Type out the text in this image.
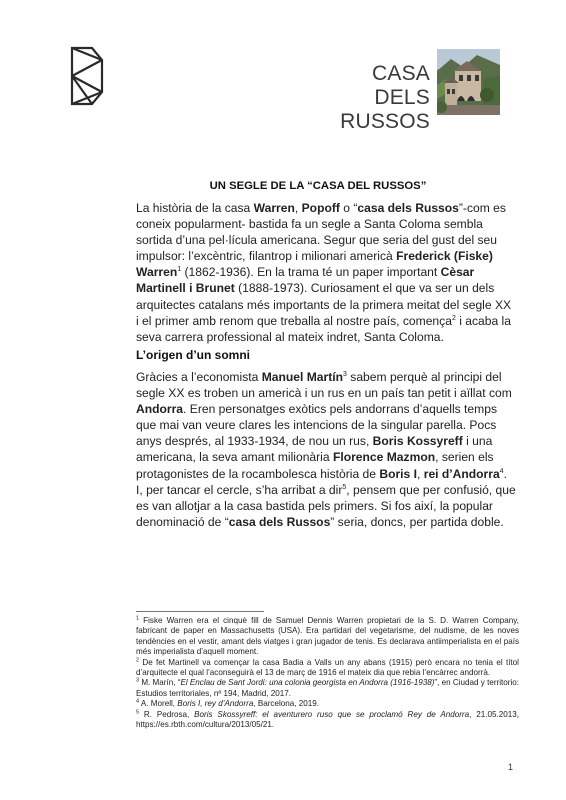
CASA DELS
RUSSOS
UN SEGLE DE LA “CASA DEL RUSSOS”

La història de la casa Warren, Popoff o “casa dels Russos”-com es coneix popularment- bastida fa un segle a Santa Coloma sembla sortida d’una pel·lícula americana. Segur que seria del gust del seu impulsor: l’excèntric, filantrop i milionari americà Frederick (Fiske) Warren$^1$ (1862-1936). En la trama té un paper important Cèsar Martinell i Brunet (1888-1973). Curiosament el que va ser un dels arquitectes catalans més importants de la primera meitat del segle XX i el primer amb renom que treballa al nostre país, comença$^2$ i acaba la seva carrera professional al mateix indret, Santa Coloma.

L’origen d’un somni

Gràcies a l’economista Manuel Martín$^3$ sabem perquè al principi del segle XX es troben un americà i un rus en un país tan petit i aïllat com Andorra. Eren personatges exòtics pels andorrans d’aquells temps que mai van veure clares les intencions de la singular parella. Pocs anys després, al 1933-1934, de nou un rus, Boris Kossyreff i una americana, la seva amant milionària Florence Mazmon, serien els protagonistes de la rocambolesca història de Boris I, rei d’Andorra$^4$. I, per tancar el cercle, s’ha arribat a dir$^5$, pensem que per confusió, que es van allotjar a la casa bastida pels primers. Si fos així, la popular denominació de “casa dels Russos” seria, doncs, per partida doble.

$^1$ Fiske Warren era el cinquè fill de Samuel Dennis Warren propietari de la S. D. Warren Company, fabricant de paper en Massachusetts (USA). Era partidari del vegetarisme, del nudisme, de les noves tendències en el vestir, amant dels viatges i gran jugador de tenis. Es declarava antiimperialista en el país més imperialista d’aquell moment.

$^2$ De fet Martinell va començar la casa Badia a Valls un any abans (1915) però encara no tenia el títol d’arquitecte el qual l’aconseguirà el 13 de març de 1916 el mateix dia que rebia l’encàrrec andorrà.

$^3$ M. Marín, “El Enclau de Sant Jordi: una colonia georgista en Andorra (1916-1938)”, en Ciudad y territorio: Estudios territoriales, nº 194, Madrid, 2017.

$^4$ A. Morell, Boris I, rey d’Andorra, Barcelona, 2019.

$^5$ R. Pedrosa, Boris Skossyreff: el aventurero ruso que se proclamó Rey de Andorra, 21.05.2013, https://es.rbth.com/cultura/2013/05/21.

1
